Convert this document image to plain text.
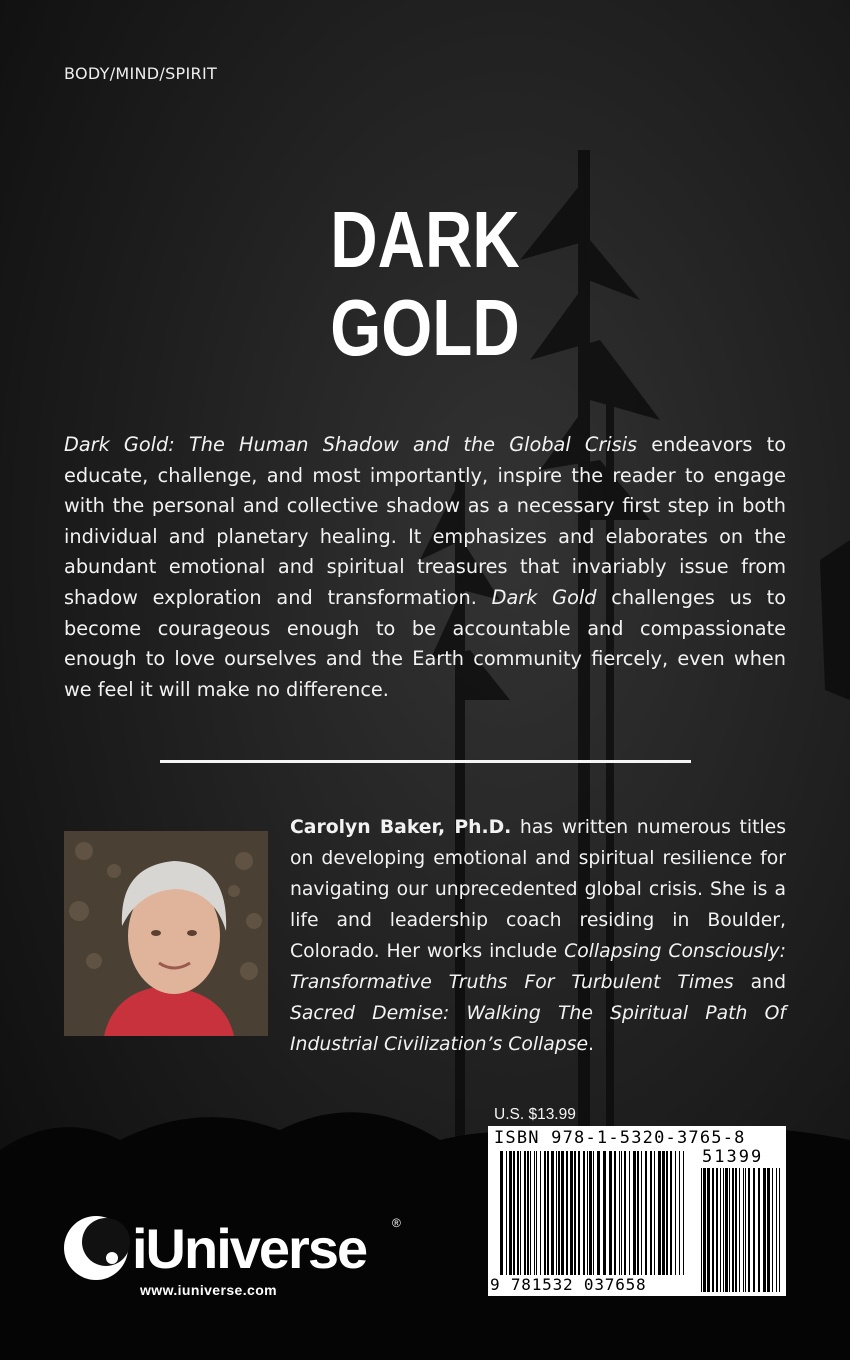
BODY/MIND/SPIRIT
DARK
GOLD

Dark Gold: The Human Shadow and the Global Crisis endeavors to educate, challenge, and most importantly, inspire the reader to engage with the personal and collective shadow as a necessary first step in both individual and planetary healing. It emphasizes and elaborates on the abundant emotional and spiritual treasures that invariably issue from shadow exploration and transformation. Dark Gold challenges us to become courageous enough to be accountable and compassionate enough to love ourselves and the Earth community fiercely, even when we feel it will make no difference.

Carolyn Baker, Ph.D. has written numerous titles on developing emotional and spiritual resilience for navigating our unprecedented global crisis. She is a life and leadership coach residing in Boulder, Colorado. Her works include Collapsing Consciously: Transformative Truths For Turbulent Times and Sacred Demise: Walking The Spiritual Path Of Industrial Civilization’s Collapse.

U.S. $13.99
ISBN 978-1-5320-3765-8
51399
9 781532 037658
iUniverse ®
www.iuniverse.com
